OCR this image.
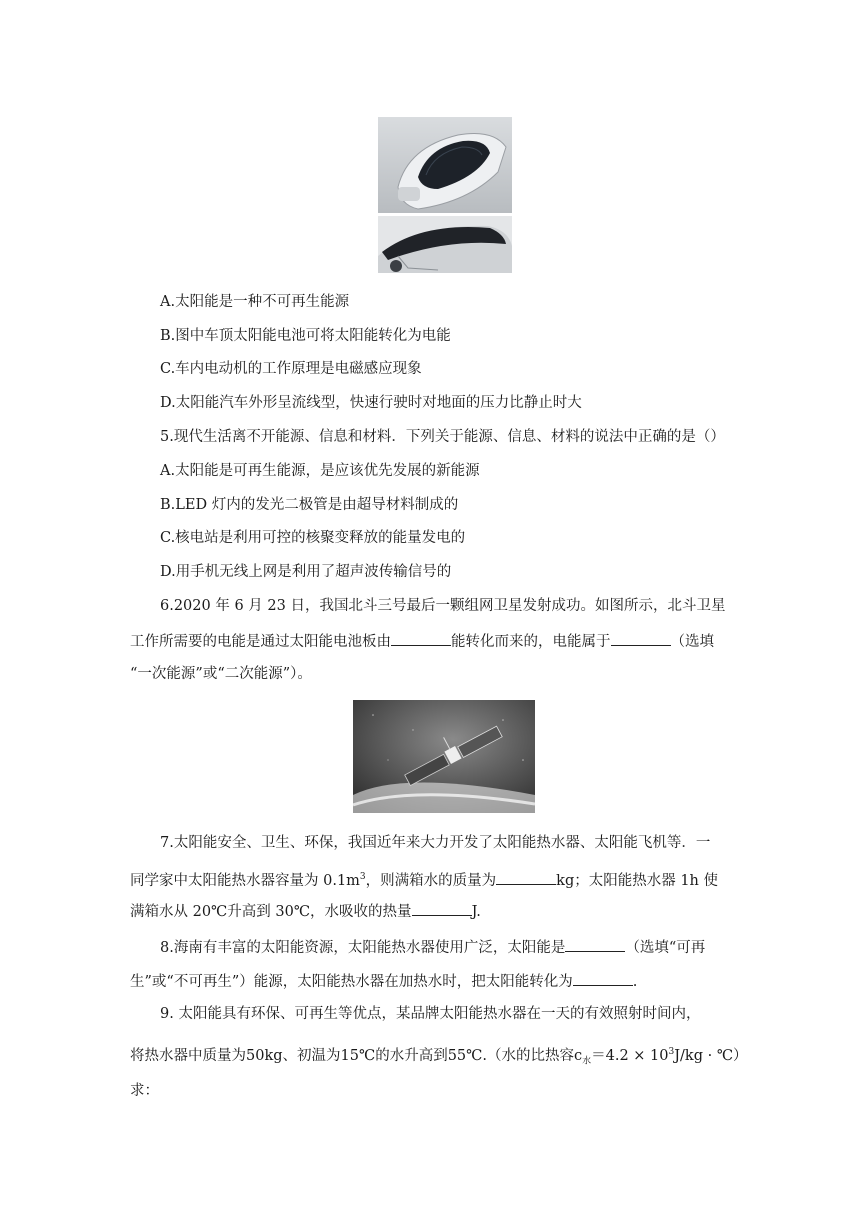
A.太阳能是一种不可再生能源
B.图中车顶太阳能电池可将太阳能转化为电能
C.车内电动机的工作原理是电磁感应现象
D.太阳能汽车外形呈流线型，快速行驶时对地面的压力比静止时大
5.现代生活离不开能源、信息和材料．下列关于能源、信息、材料的说法中正确的是（）
A.太阳能是可再生能源，是应该优先发展的新能源
B.LED 灯内的发光二极管是由超导材料制成的
C.核电站是利用可控的核聚变释放的能量发电的
D.用手机无线上网是利用了超声波传输信号的
6.2020 年 6 月 23 日，我国北斗三号最后一颗组网卫星发射成功。如图所示，北斗卫星
工作所需要的电能是通过太阳能电池板由	能转化而来的，电能属于	（选填
“一次能源”或“二次能源”）。
7.太阳能安全、卫生、环保，我国近年来大力开发了太阳能热水器、太阳能飞机等．一
同学家中太阳能热水器容量为 $0.1m^3$，则满箱水的质量为	kg；太阳能热水器 1h 使
满箱水从 20℃升高到 30℃，水吸收的热量	J.
8.海南有丰富的太阳能资源，太阳能热水器使用广泛，太阳能是	（选填“可再
生”或“不可再生”）能源，太阳能热水器在加热水时，把太阳能转化为	.
9. 太阳能具有环保、可再生等优点，某品牌太阳能热水器在一天的有效照射时间内，
将热水器中质量为50kg、初温为15℃的水升高到55℃.（水的比热容$c_水=4.2 \times 10^3J/kg$ · ℃）
求：
